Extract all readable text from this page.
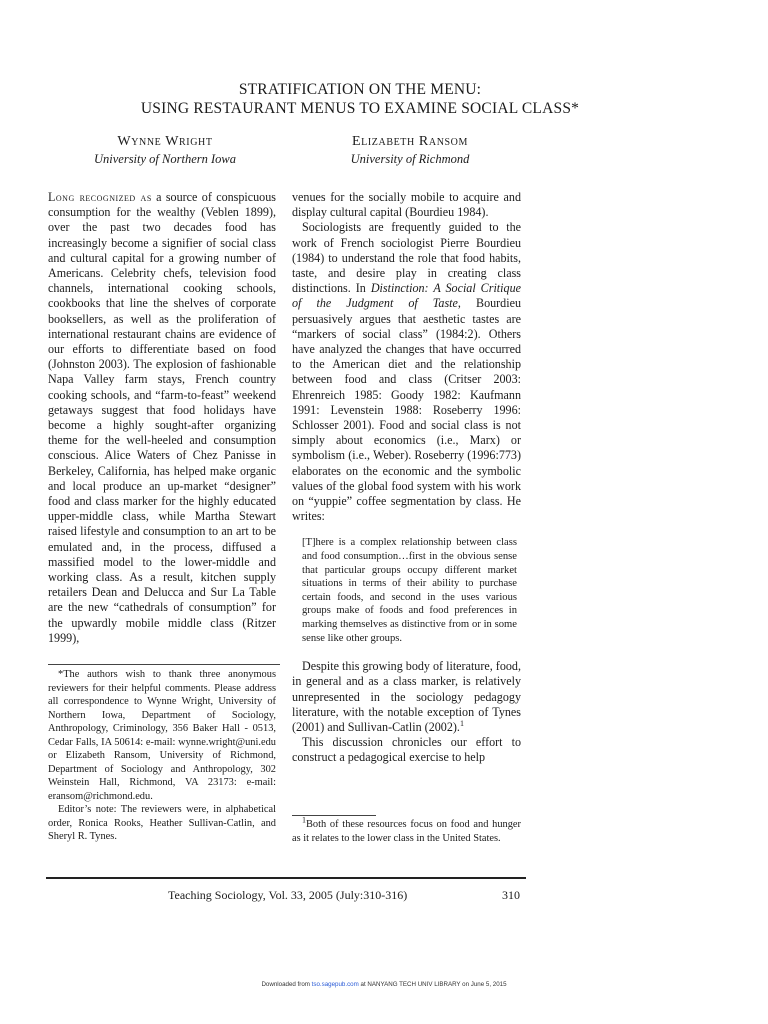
STRATIFICATION ON THE MENU:
USING RESTAURANT MENUS TO EXAMINE SOCIAL CLASS*
Wynne Wright
University of Northern Iowa
Elizabeth Ransom
University of Richmond

Long recognized as a source of conspicuous consumption for the wealthy (Veblen 1899), over the past two decades food has increasingly become a signifier of social class and cultural capital for a growing number of Americans. Celebrity chefs, television food channels, international cooking schools, cookbooks that line the shelves of corporate booksellers, as well as the proliferation of international restaurant chains are evidence of our efforts to differentiate based on food (Johnston 2003). The explosion of fashionable Napa Valley farm stays, French country cooking schools, and “farm-to-feast” weekend getaways suggest that food holidays have become a highly sought-after organizing theme for the well-heeled and consumption conscious. Alice Waters of Chez Panisse in Berkeley, California, has helped make organic and local produce an up-market “designer” food and class marker for the highly educated upper-middle class, while Martha Stewart raised lifestyle and consumption to an art to be emulated and, in the process, diffused a massified model to the lower-middle and working class. As a result, kitchen supply retailers Dean and Delucca and Sur La Table are the new “cathedrals of consumption” for the upwardly mobile middle class (Ritzer 1999),

*The authors wish to thank three anonymous reviewers for their helpful comments. Please address all correspondence to Wynne Wright, University of Northern Iowa, Department of Sociology, Anthropology, Criminology, 356 Baker Hall - 0513, Cedar Falls, IA 50614: e-mail: wynne.wright@uni.edu or Elizabeth Ransom, University of Richmond, Department of Sociology and Anthropology, 302 Weinstein Hall, Richmond, VA 23173: e-mail: eransom@richmond.edu.

Editor’s note: The reviewers were, in alphabetical order, Ronica Rooks, Heather Sullivan-Catlin, and Sheryl R. Tynes.

venues for the socially mobile to acquire and display cultural capital (Bourdieu 1984).

Sociologists are frequently guided to the work of French sociologist Pierre Bourdieu (1984) to understand the role that food habits, taste, and desire play in creating class distinctions. In Distinction: A Social Critique of the Judgment of Taste, Bourdieu persuasively argues that aesthetic tastes are “markers of social class” (1984:2). Others have analyzed the changes that have occurred to the American diet and the relationship between food and class (Critser 2003: Ehrenreich 1985: Goody 1982: Kaufmann 1991: Levenstein 1988: Roseberry 1996: Schlosser 2001). Food and social class is not simply about economics (i.e., Marx) or symbolism (i.e., Weber). Roseberry (1996:773) elaborates on the economic and the symbolic values of the global food system with his work on “yuppie” coffee segmentation by class. He writes:

[T]here is a complex relationship between class and food consumption…first in the obvious sense that particular groups occupy different market situations in terms of their ability to purchase certain foods, and second in the uses various groups make of foods and food preferences in marking themselves as distinctive from or in some sense like other groups.

Despite this growing body of literature, food, in general and as a class marker, is relatively unrepresented in the sociology pedagogy literature, with the notable exception of Tynes (2001) and Sullivan-Catlin (2002).$^1$

This discussion chronicles our effort to construct a pedagogical exercise to help

$^1$Both of these resources focus on food and hunger as it relates to the lower class in the United States.

Teaching Sociology, Vol. 33, 2005 (July:310-316)	310
Downloaded from tso.sagepub.com at NANYANG TECH UNIV LIBRARY on June 5, 2015
